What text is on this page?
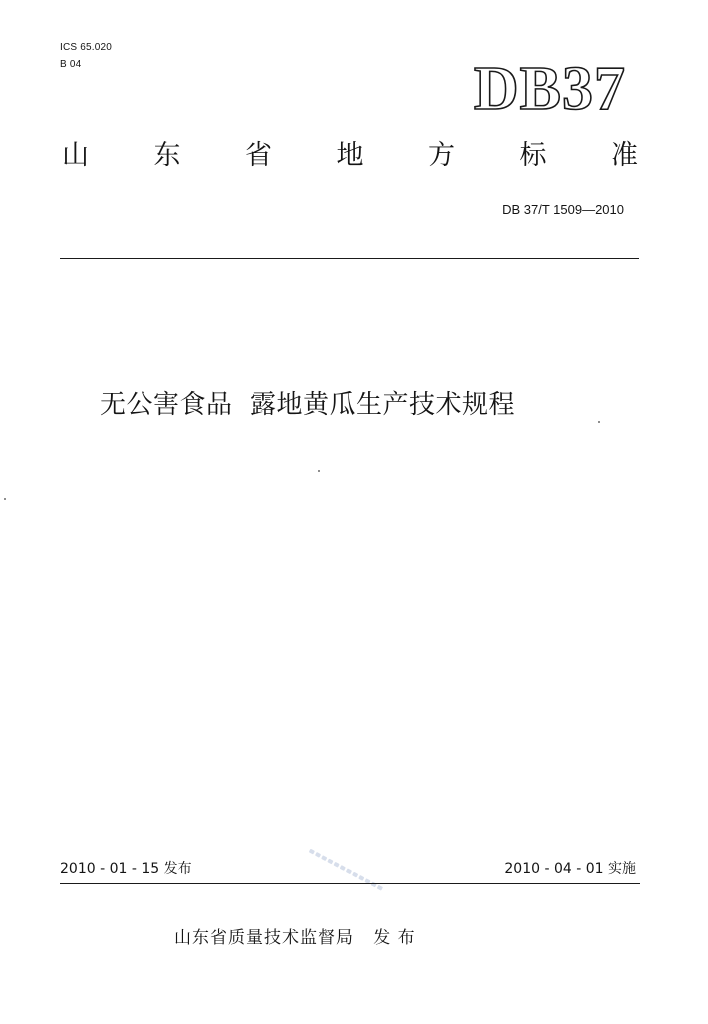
ICS 65.020
B 04	DB37
山 东 省 地 方 标 准
DB 37/T 1509—2010
无公害食品  露地黄瓜生产技术规程
2010 - 01 - 15 发布	2010 - 04 - 01 实施
山东省质量技术监督局   发 布
